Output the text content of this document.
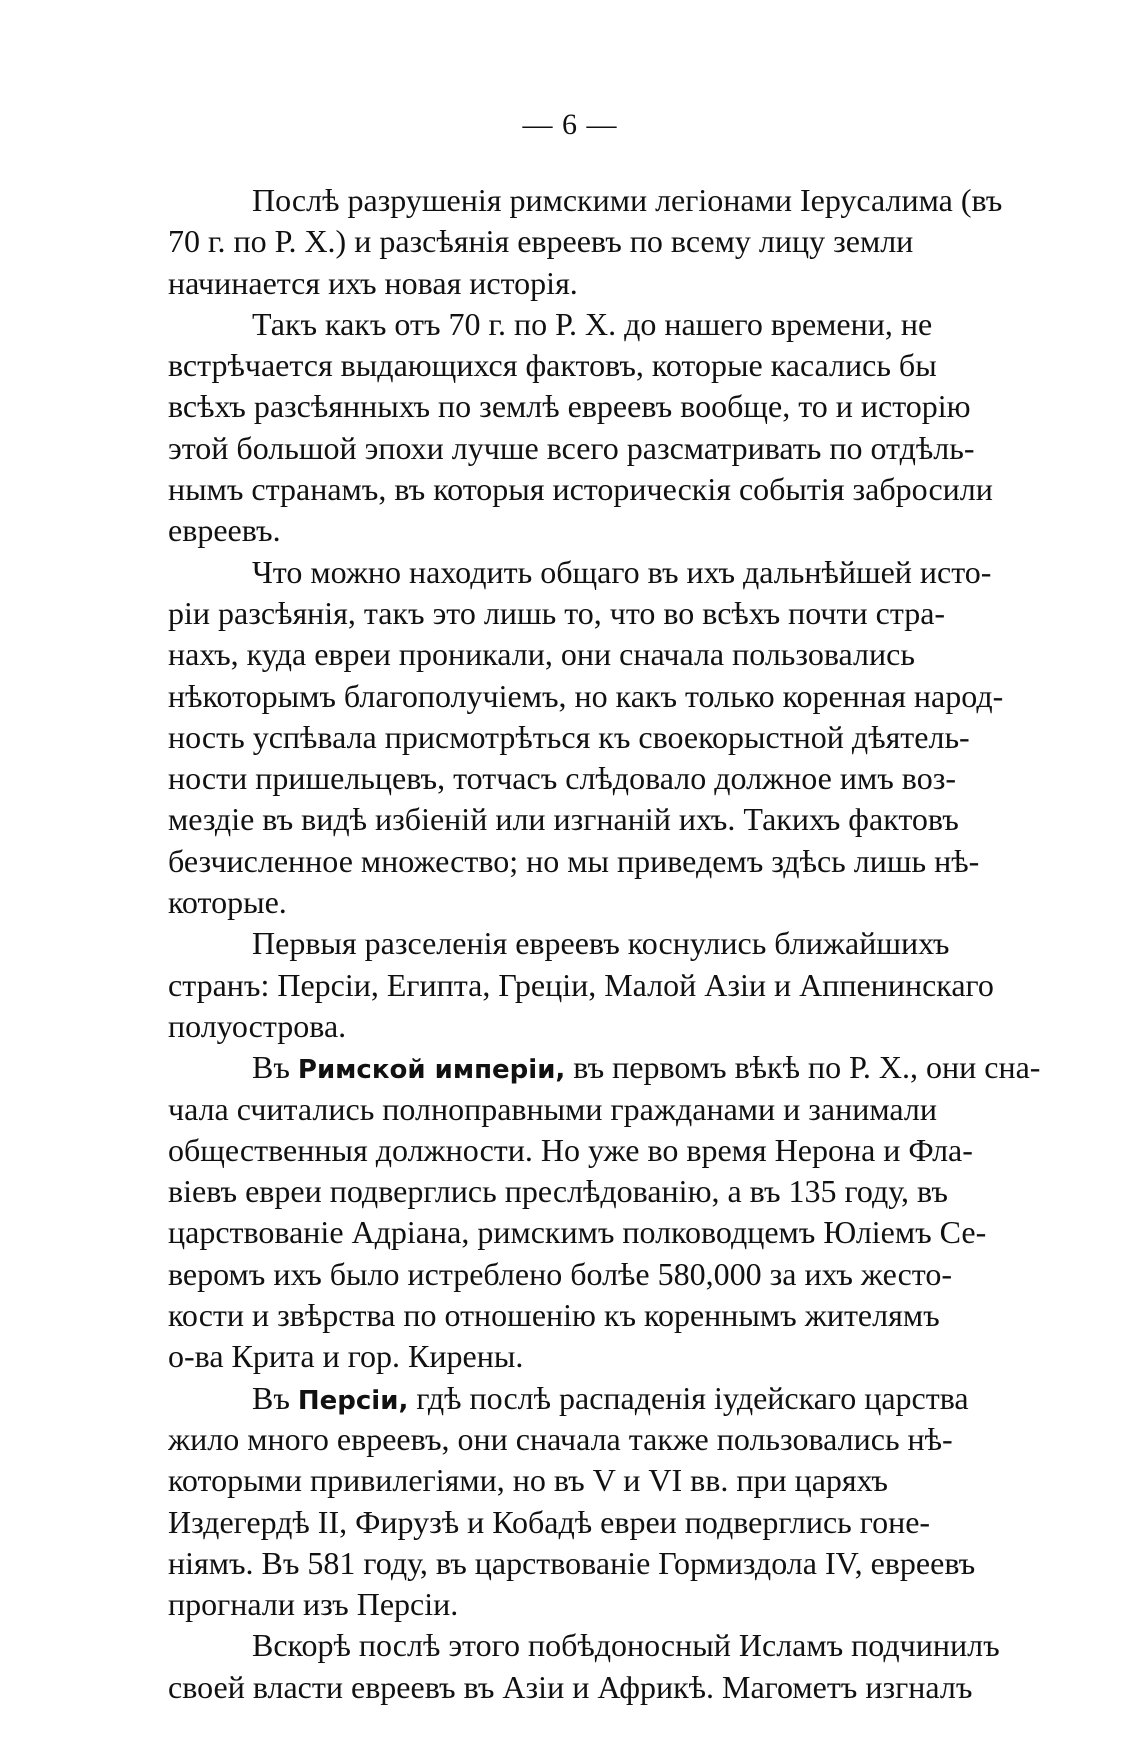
— 6 —
Послѣ разрушенія римскими легіонами Іерусалима (въ
70 г. по Р. Х.) и разсѣянія евреевъ по всему лицу земли
начинается ихъ новая исторія.
Такъ какъ отъ 70 г. по Р. Х. до нашего времени, не
встрѣчается выдающихся фактовъ, которые касались бы
всѣхъ разсѣянныхъ по землѣ евреевъ вообще, то и исторію
этой большой эпохи лучше всего разсматривать по отдѣль-
нымъ странамъ, въ которыя историческія событія забросили
евреевъ.
Что можно находить общаго въ ихъ дальнѣйшей исто-
ріи разсѣянія, такъ это лишь то, что во всѣхъ почти стра-
нахъ, куда евреи проникали, они сначала пользовались
нѣкоторымъ благополучіемъ, но какъ только коренная народ-
ность успѣвала присмотрѣться къ своекорыстной дѣятель-
ности пришельцевъ, тотчасъ слѣдовало должное имъ воз-
мездіе въ видѣ избіеній или изгнаній ихъ. Такихъ фактовъ
безчисленное множество; но мы приведемъ здѣсь лишь нѣ-
которые.
Первыя разселенія евреевъ коснулись ближайшихъ
странъ: Персіи, Египта, Греціи, Малой Азіи и Аппенинскаго
полуострова.
Въ Римской имперіи, въ первомъ вѣкѣ по Р. Х., они сна-
чала считались полноправными гражданами и занимали
общественныя должности. Но уже во время Нерона и Фла-
віевъ евреи подверглись преслѣдованію, а въ 135 году, въ
царствованіе Адріана, римскимъ полководцемъ Юліемъ Се-
веромъ ихъ было истреблено болѣе 580,000 за ихъ жесто-
кости и звѣрства по отношенію къ кореннымъ жителямъ
о-ва Крита и гор. Кирены.
Въ Персіи, гдѣ послѣ распаденія іудейскаго царства
жило много евреевъ, они сначала также пользовались нѣ-
которыми привилегіями, но въ V и VI вв. при царяхъ
Издегердѣ II, Фирузѣ и Кобадѣ евреи подверглись гоне-
ніямъ. Въ 581 году, въ царствованіе Гормиздола IV, евреевъ
прогнали изъ Персіи.
Вскорѣ послѣ этого побѣдоносный Исламъ подчинилъ
своей власти евреевъ въ Азіи и Африкѣ. Магометъ изгналъ
